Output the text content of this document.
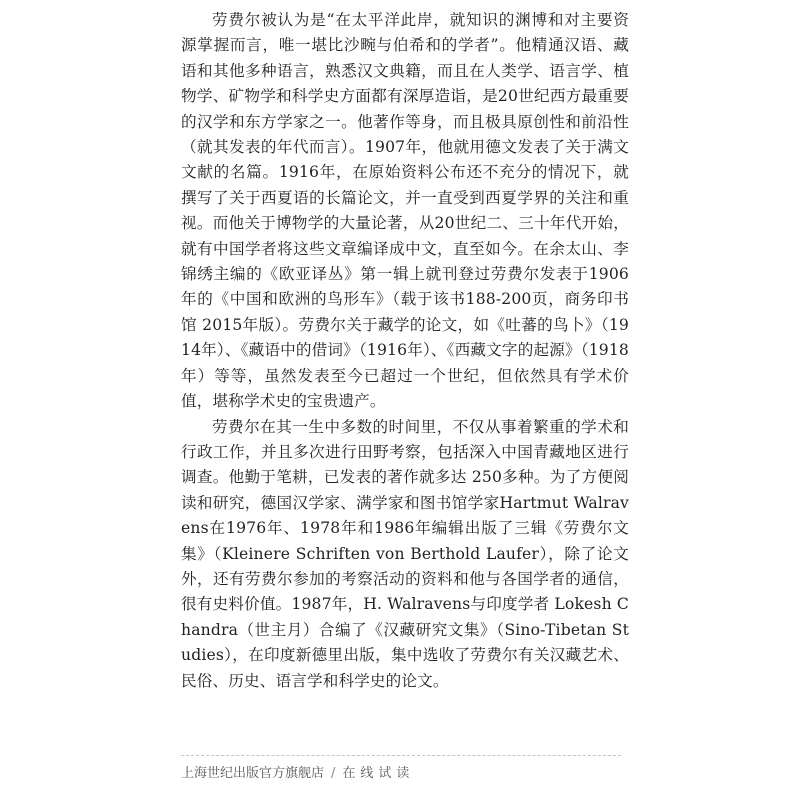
劳费尔被认为是“在太平洋此岸，就知识的渊博和对主要资源掌握而言，唯一堪比沙畹与伯希和的学者”。他精通汉语、藏语和其他多种语言，熟悉汉文典籍，而且在人类学、语言学、植物学、矿物学和科学史方面都有深厚造诣，是20世纪西方最重要的汉学和东方学家之一。他著作等身，而且极具原创性和前沿性（就其发表的年代而言）。1907年，他就用德文发表了关于满文文献的名篇。1916年，在原始资料公布还不充分的情况下，就撰写了关于西夏语的长篇论文，并一直受到西夏学界的关注和重视。而他关于博物学的大量论著，从20世纪二、三十年代开始，就有中国学者将这些文章编译成中文，直至如今。在余太山、李锦绣主编的《欧亚译丛》第一辑上就刊登过劳费尔发表于1906年的《中国和欧洲的鸟形车》（载于该书188-200页，商务印书馆 2015年版）。劳费尔关于藏学的论文，如《吐蕃的鸟卜》（1914年）、《藏语中的借词》（1916年）、《西藏文字的起源》（1918年）等等，虽然发表至今已超过一个世纪，但依然具有学术价值，堪称学术史的宝贵遗产。

劳费尔在其一生中多数的时间里，不仅从事着繁重的学术和行政工作，并且多次进行田野考察，包括深入中国青藏地区进行调查。他勤于笔耕，已发表的著作就多达 250多种。为了方便阅读和研究，德国汉学家、满学家和图书馆学家Hartmut Walravens在1976年、1978年和1986年编辑出版了三辑《劳费尔文集》（Kleinere Schriften von Berthold Laufer），除了论文外，还有劳费尔参加的考察活动的资料和他与各国学者的通信，很有史料价值。1987年，H. Walravens与印度学者 Lokesh Chandra（世主月）合编了《汉藏研究文集》（Sino-Tibetan Studies），在印度新德里出版，集中选收了劳费尔有关汉藏艺术、民俗、历史、语言学和科学史的论文。

上海世纪出版官方旗舰店 / 在线试读
